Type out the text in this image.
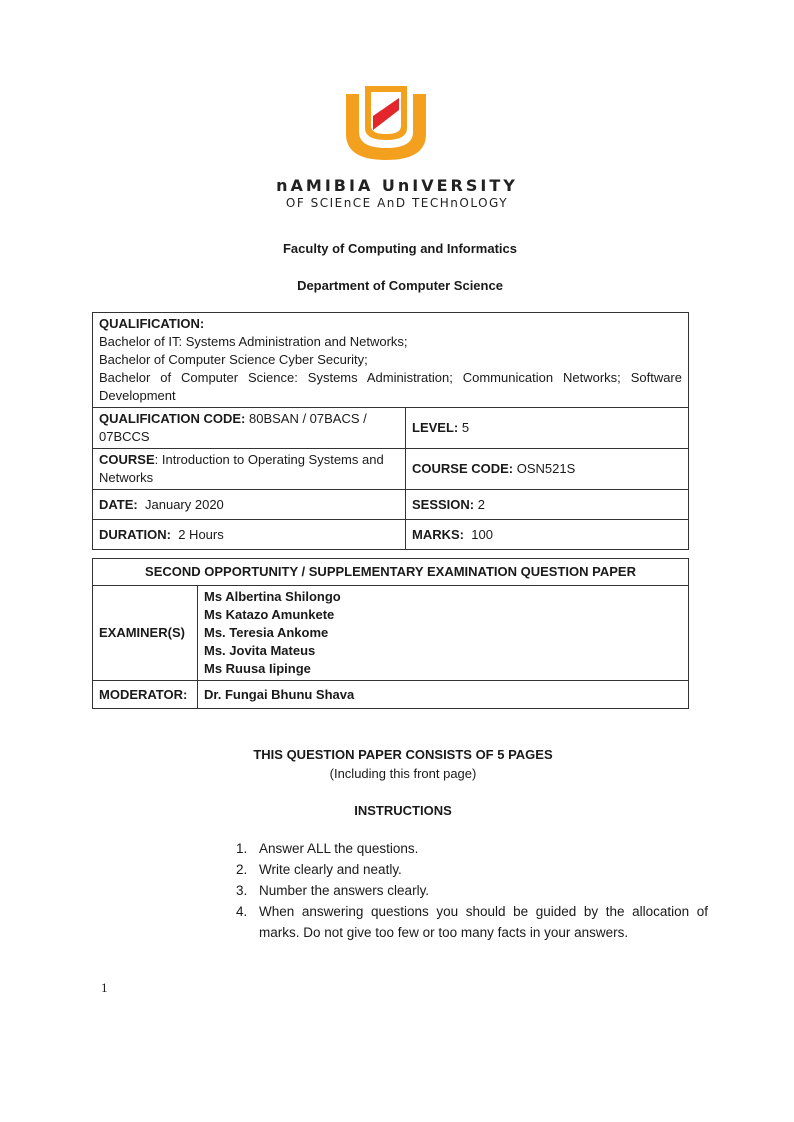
nAMIBIA UnIVERSITY
OF SCIEnCE AnD TECHnOLOGY
Faculty of Computing and Informatics
Department of Computer Science
QUALIFICATION:
Bachelor of IT: Systems Administration and Networks;
Bachelor of Computer Science Cyber Security;
Bachelor of Computer Science: Systems Administration; Communication Networks; Software Development	

QUALIFICATION CODE: 80BSAN / 07BACS / 07BCCS	LEVEL: 5
COURSE: Introduction to Operating Systems and Networks	COURSE CODE: OSN521S
DATE: January 2020	SESSION: 2
DURATION: 2 Hours	MARKS: 100
SECOND OPPORTUNITY / SUPPLEMENTARY EXAMINATION QUESTION PAPER	
EXAMINER(S)	Ms Albertina Shilongo
Ms Katazo Amunkete
Ms. Teresia Ankome
Ms. Jovita Mateus
Ms Ruusa Iipinge

MODERATOR:	Dr. Fungai Bhunu Shava
THIS QUESTION PAPER CONSISTS OF 5 PAGES
(Including this front page)
INSTRUCTIONS
1. Answer ALL the questions.
2. Write clearly and neatly.
3. Number the answers clearly.
4. When answering questions you should be guided by the allocation of marks. Do not give too few or too many facts in your answers.
1
